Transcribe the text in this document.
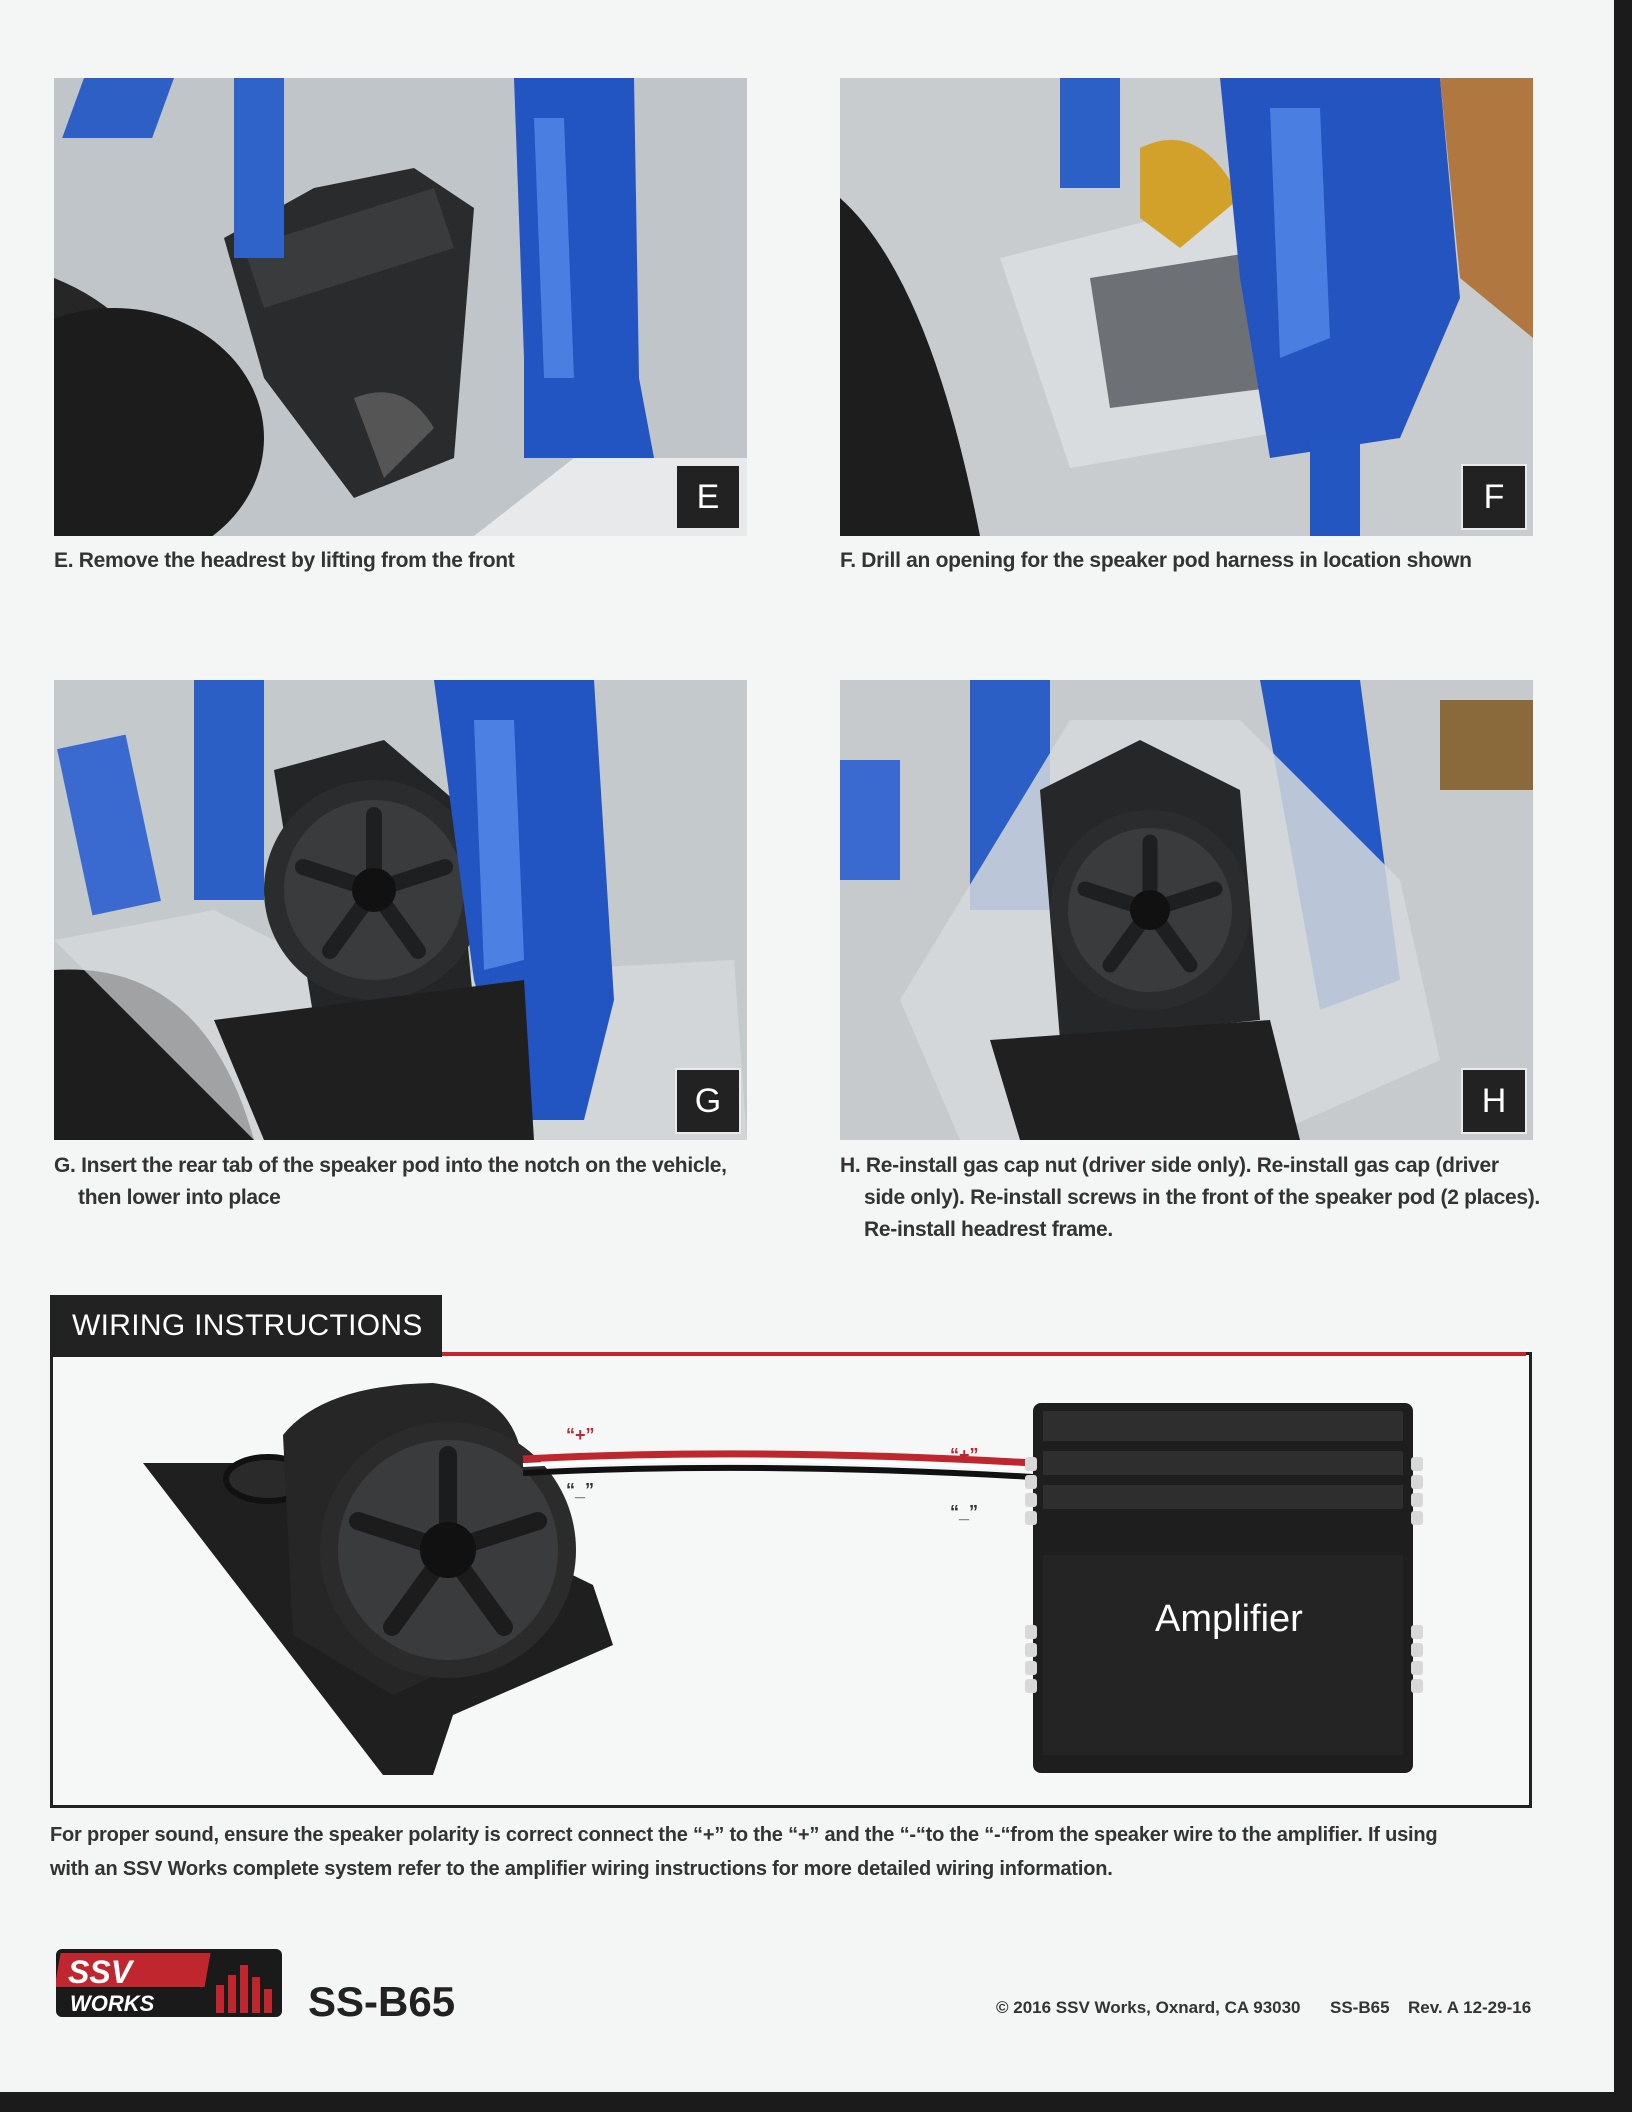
E
E. Remove the headrest by lifting from the front
F
F. Drill an opening for the speaker pod harness in location shown
G
G. Insert the rear tab of the speaker pod into the notch on the vehicle,
then lower into place
H
H. Re-install gas cap nut (driver side only). Re-install gas cap (driver
side only). Re-install screws in the front of the speaker pod (2 places).
Re-install headrest frame.
WIRING INSTRUCTIONS
“+”
“_”
“+”
“_”
Amplifier
For proper sound, ensure the speaker polarity is correct connect the “+” to the “+” and the “-“to the “-“from the speaker wire to the amplifier. If using
with an SSV Works complete system refer to the amplifier wiring instructions for more detailed wiring information.
SSV
WORKS	SS-B65	© 2016 SSV Works, Oxnard, CA 93030 SS-B65 Rev. A 12-29-16
